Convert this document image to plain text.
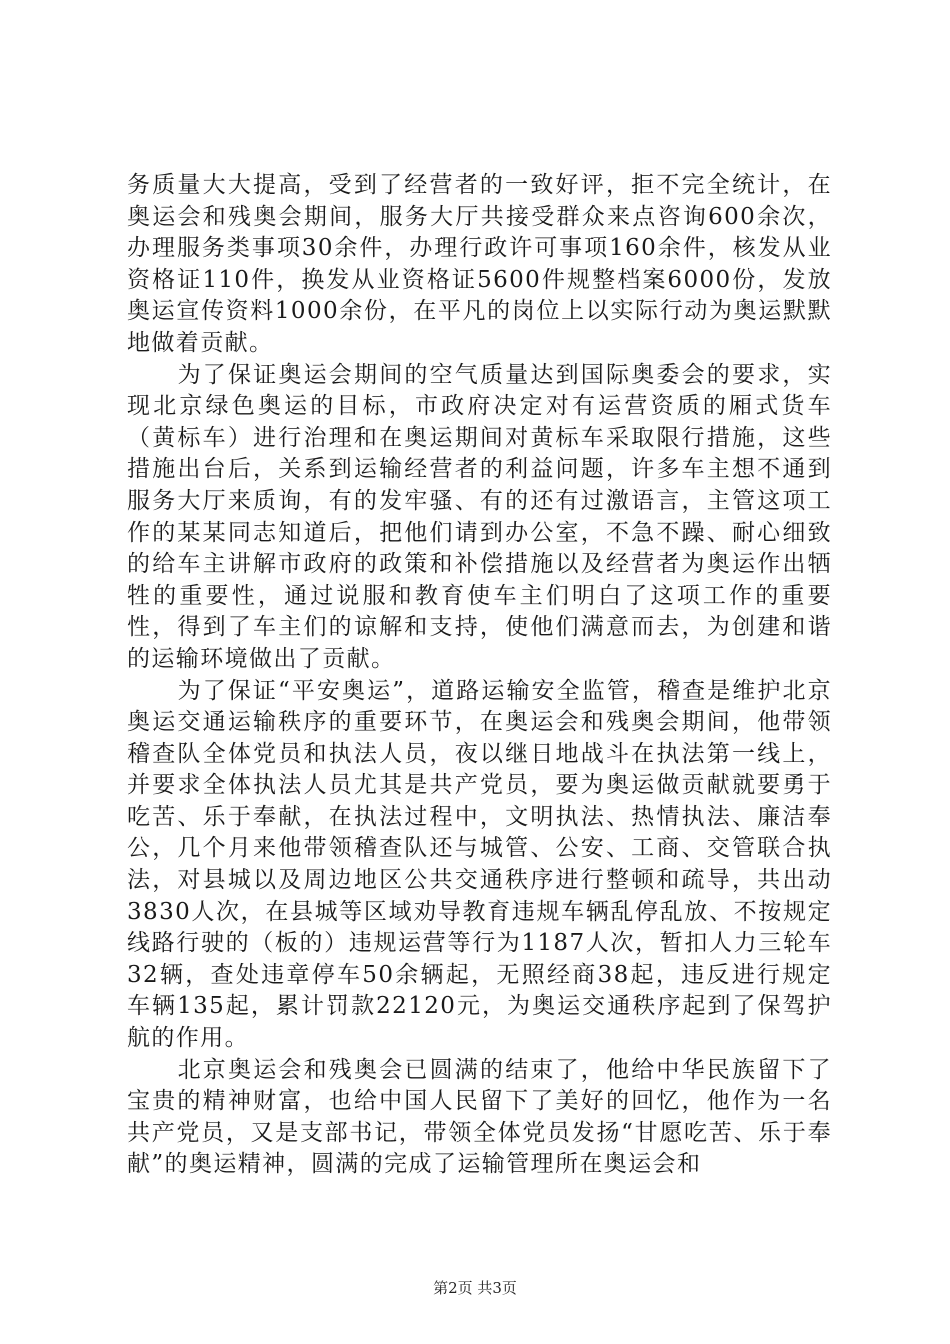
务质量大大提高，受到了经营者的一致好评，拒不完全统计，在奥运会和残奥会期间，服务大厅共接受群众来点咨询600余次，办理服务类事项30余件，办理行政许可事项160余件，核发从业资格证110件，换发从业资格证5600件规整档案6000份，发放奥运宣传资料1000余份，在平凡的岗位上以实际行动为奥运默默地做着贡献。

为了保证奥运会期间的空气质量达到国际奥委会的要求，实现北京绿色奥运的目标，市政府决定对有运营资质的厢式货车（黄标车）进行治理和在奥运期间对黄标车采取限行措施，这些措施出台后，关系到运输经营者的利益问题，许多车主想不通到服务大厅来质询，有的发牢骚、有的还有过激语言，主管这项工作的某某同志知道后，把他们请到办公室，不急不躁、耐心细致的给车主讲解市政府的政策和补偿措施以及经营者为奥运作出牺牲的重要性，通过说服和教育使车主们明白了这项工作的重要性，得到了车主们的谅解和支持，使他们满意而去，为创建和谐的运输环境做出了贡献。

为了保证“平安奥运”，道路运输安全监管，稽查是维护北京奥运交通运输秩序的重要环节，在奥运会和残奥会期间，他带领稽查队全体党员和执法人员，夜以继日地战斗在执法第一线上，并要求全体执法人员尤其是共产党员，要为奥运做贡献就要勇于吃苦、乐于奉献，在执法过程中，文明执法、热情执法、廉洁奉公，几个月来他带领稽查队还与城管、公安、工商、交管联合执法，对县城以及周边地区公共交通秩序进行整顿和疏导，共出动3830人次，在县城等区域劝导教育违规车辆乱停乱放、不按规定线路行驶的（板的）违规运营等行为1187人次，暂扣人力三轮车32辆，查处违章停车50余辆起，无照经商38起，违反进行规定车辆135起，累计罚款22120元，为奥运交通秩序起到了保驾护航的作用。

北京奥运会和残奥会已圆满的结束了，他给中华民族留下了宝贵的精神财富，也给中国人民留下了美好的回忆，他作为一名共产党员，又是支部书记，带领全体党员发扬“甘愿吃苦、乐于奉献”的奥运精神，圆满的完成了运输管理所在奥运会和

第2页 共3页
